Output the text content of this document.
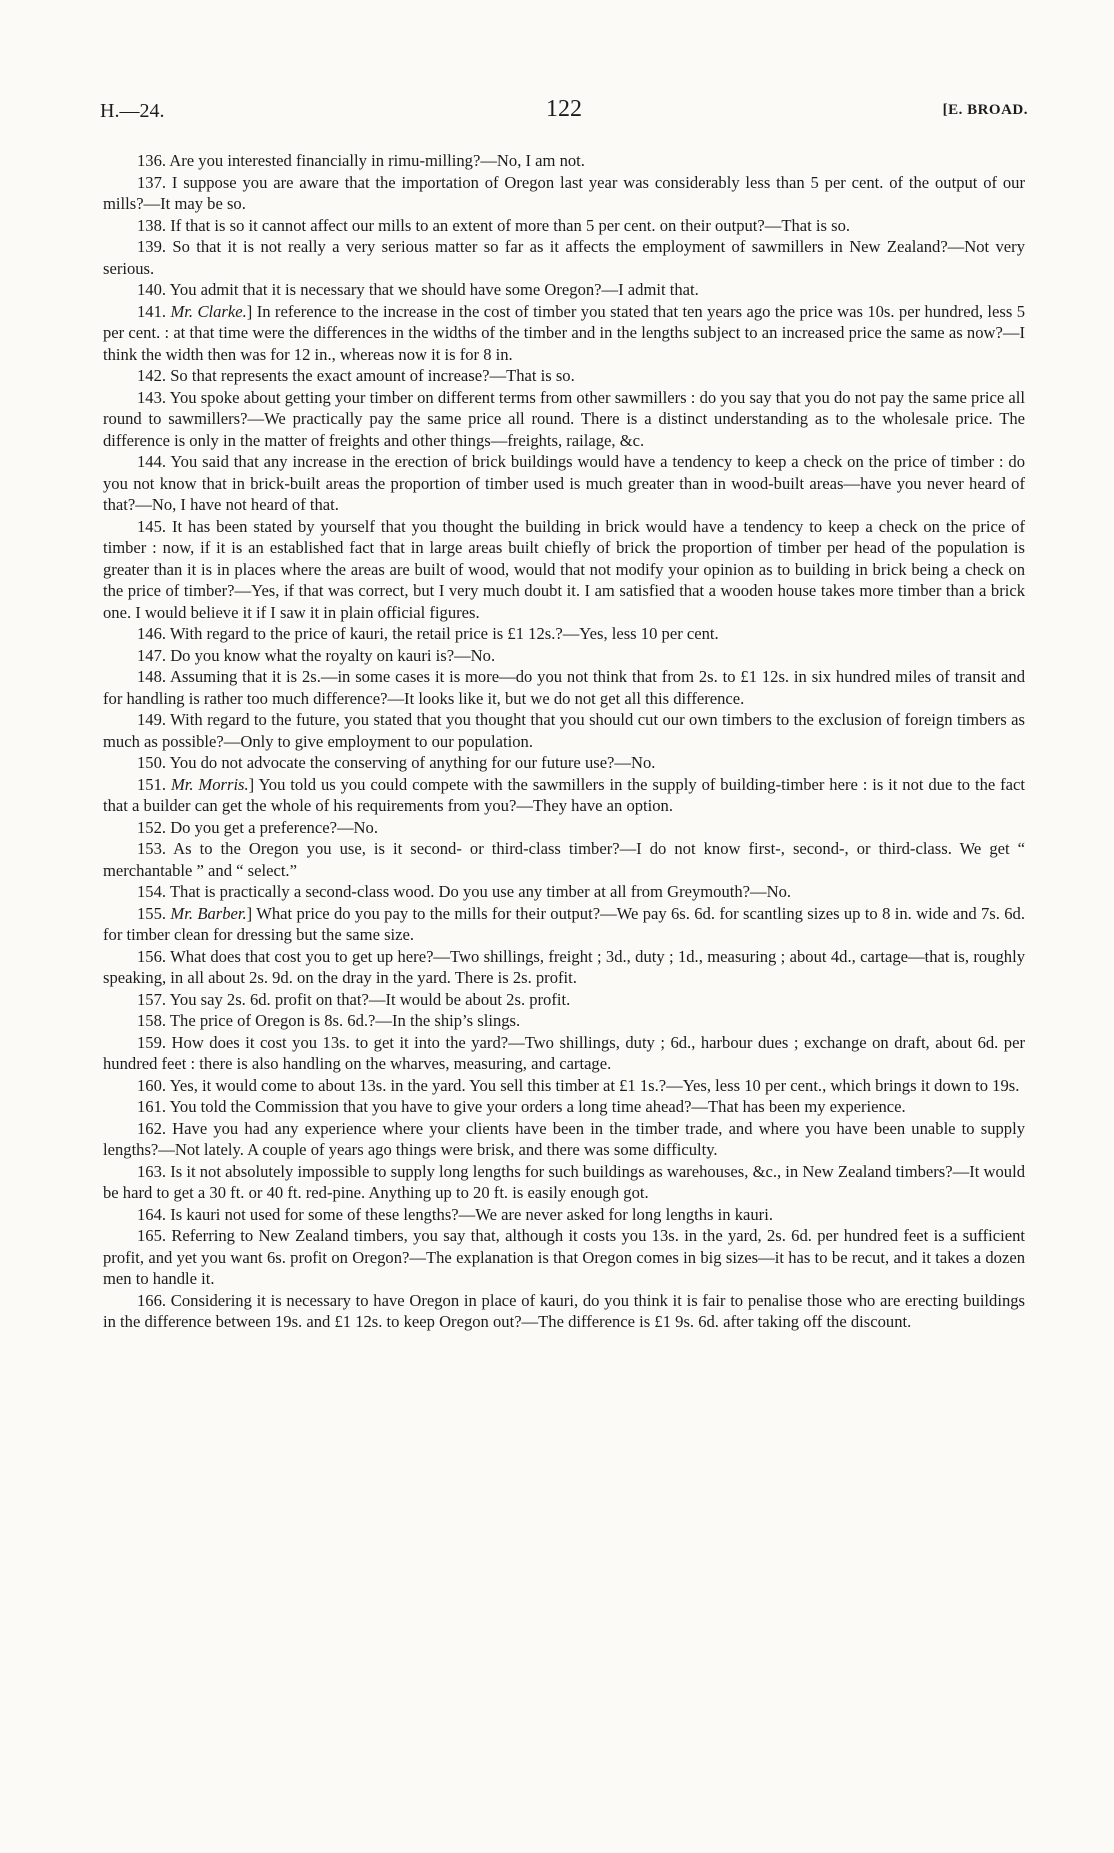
H.—24.	122	[E. BROAD.

136. Are you interested financially in rimu-milling?—No, I am not.

137. I suppose you are aware that the importation of Oregon last year was considerably less than 5 per cent. of the output of our mills?—It may be so.

138. If that is so it cannot affect our mills to an extent of more than 5 per cent. on their output?—That is so.

139. So that it is not really a very serious matter so far as it affects the employment of sawmillers in New Zealand?—Not very serious.

140. You admit that it is necessary that we should have some Oregon?—I admit that.

141. Mr. Clarke.] In reference to the increase in the cost of timber you stated that ten years ago the price was 10s. per hundred, less 5 per cent. : at that time were the differences in the widths of the timber and in the lengths subject to an increased price the same as now?—I think the width then was for 12 in., whereas now it is for 8 in.

142. So that represents the exact amount of increase?—That is so.

143. You spoke about getting your timber on different terms from other sawmillers : do you say that you do not pay the same price all round to sawmillers?—We practically pay the same price all round. There is a distinct understanding as to the wholesale price. The difference is only in the matter of freights and other things—freights, railage, &c.

144. You said that any increase in the erection of brick buildings would have a tendency to keep a check on the price of timber : do you not know that in brick-built areas the proportion of timber used is much greater than in wood-built areas—have you never heard of that?—No, I have not heard of that.

145. It has been stated by yourself that you thought the building in brick would have a tendency to keep a check on the price of timber : now, if it is an established fact that in large areas built chiefly of brick the proportion of timber per head of the population is greater than it is in places where the areas are built of wood, would that not modify your opinion as to building in brick being a check on the price of timber?—Yes, if that was correct, but I very much doubt it. I am satisfied that a wooden house takes more timber than a brick one. I would believe it if I saw it in plain official figures.

146. With regard to the price of kauri, the retail price is £1 12s.?—Yes, less 10 per cent.

147. Do you know what the royalty on kauri is?—No.

148. Assuming that it is 2s.—in some cases it is more—do you not think that from 2s. to £1 12s. in six hundred miles of transit and for handling is rather too much difference?—It looks like it, but we do not get all this difference.

149. With regard to the future, you stated that you thought that you should cut our own timbers to the exclusion of foreign timbers as much as possible?—Only to give employment to our population.

150. You do not advocate the conserving of anything for our future use?—No.

151. Mr. Morris.] You told us you could compete with the sawmillers in the supply of building-timber here : is it not due to the fact that a builder can get the whole of his requirements from you?—They have an option.

152. Do you get a preference?—No.

153. As to the Oregon you use, is it second- or third-class timber?—I do not know first-, second-, or third-class. We get “ merchantable ” and “ select.”

154. That is practically a second-class wood. Do you use any timber at all from Greymouth?—No.

155. Mr. Barber.] What price do you pay to the mills for their output?—We pay 6s. 6d. for scantling sizes up to 8 in. wide and 7s. 6d. for timber clean for dressing but the same size.

156. What does that cost you to get up here?—Two shillings, freight ; 3d., duty ; 1d., measuring ; about 4d., cartage—that is, roughly speaking, in all about 2s. 9d. on the dray in the yard. There is 2s. profit.

157. You say 2s. 6d. profit on that?—It would be about 2s. profit.

158. The price of Oregon is 8s. 6d.?—In the ship’s slings.

159. How does it cost you 13s. to get it into the yard?—Two shillings, duty ; 6d., harbour dues ; exchange on draft, about 6d. per hundred feet : there is also handling on the wharves, measuring, and cartage.

160. Yes, it would come to about 13s. in the yard. You sell this timber at £1 1s.?—Yes, less 10 per cent., which brings it down to 19s.

161. You told the Commission that you have to give your orders a long time ahead?—That has been my experience.

162. Have you had any experience where your clients have been in the timber trade, and where you have been unable to supply lengths?—Not lately. A couple of years ago things were brisk, and there was some difficulty.

163. Is it not absolutely impossible to supply long lengths for such buildings as warehouses, &c., in New Zealand timbers?—It would be hard to get a 30 ft. or 40 ft. red-pine. Anything up to 20 ft. is easily enough got.

164. Is kauri not used for some of these lengths?—We are never asked for long lengths in kauri.

165. Referring to New Zealand timbers, you say that, although it costs you 13s. in the yard, 2s. 6d. per hundred feet is a sufficient profit, and yet you want 6s. profit on Oregon?—The explanation is that Oregon comes in big sizes—it has to be recut, and it takes a dozen men to handle it.

166. Considering it is necessary to have Oregon in place of kauri, do you think it is fair to penalise those who are erecting buildings in the difference between 19s. and £1 12s. to keep Oregon out?—The difference is £1 9s. 6d. after taking off the discount.
